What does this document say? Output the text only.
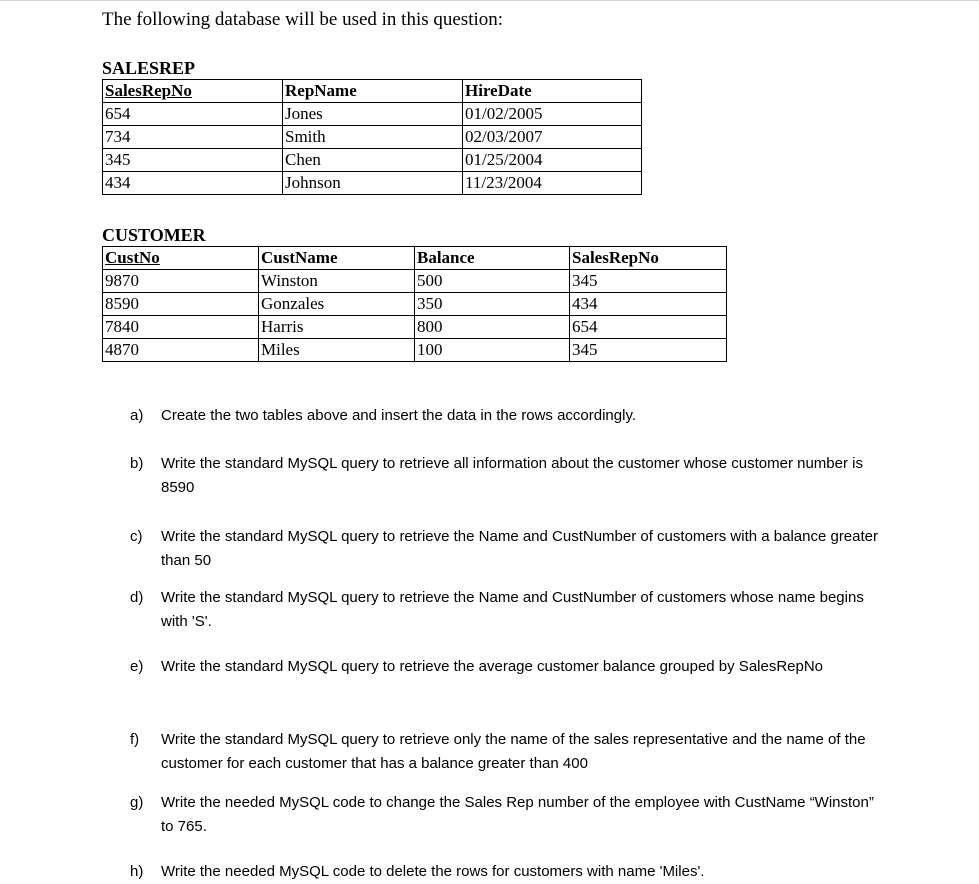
The following database will be used in this question:
SALESREP
SalesRepNo	RepName	HireDate
654	Jones	01/02/2005
734	Smith	02/03/2007
345	Chen	01/25/2004
434	Johnson	11/23/2004
CUSTOMER
CustNo	CustName	Balance	SalesRepNo
9870	Winston	500	345
8590	Gonzales	350	434
7840	Harris	800	654
4870	Miles	100	345
a) Create the two tables above and insert the data in the rows accordingly.
b) Write the standard MySQL query to retrieve all information about the customer whose customer number is 8590
c) Write the standard MySQL query to retrieve the Name and CustNumber of customers with a balance greater than 50
d) Write the standard MySQL query to retrieve the Name and CustNumber of customers whose name begins with 'S'.
e) Write the standard MySQL query to retrieve the average customer balance grouped by SalesRepNo
f) Write the standard MySQL query to retrieve only the name of the sales representative and the name of the customer for each customer that has a balance greater than 400
g) Write the needed MySQL code to change the Sales Rep number of the employee with CustName “Winston” to 765.
h) Write the needed MySQL code to delete the rows for customers with name 'Miles'.
